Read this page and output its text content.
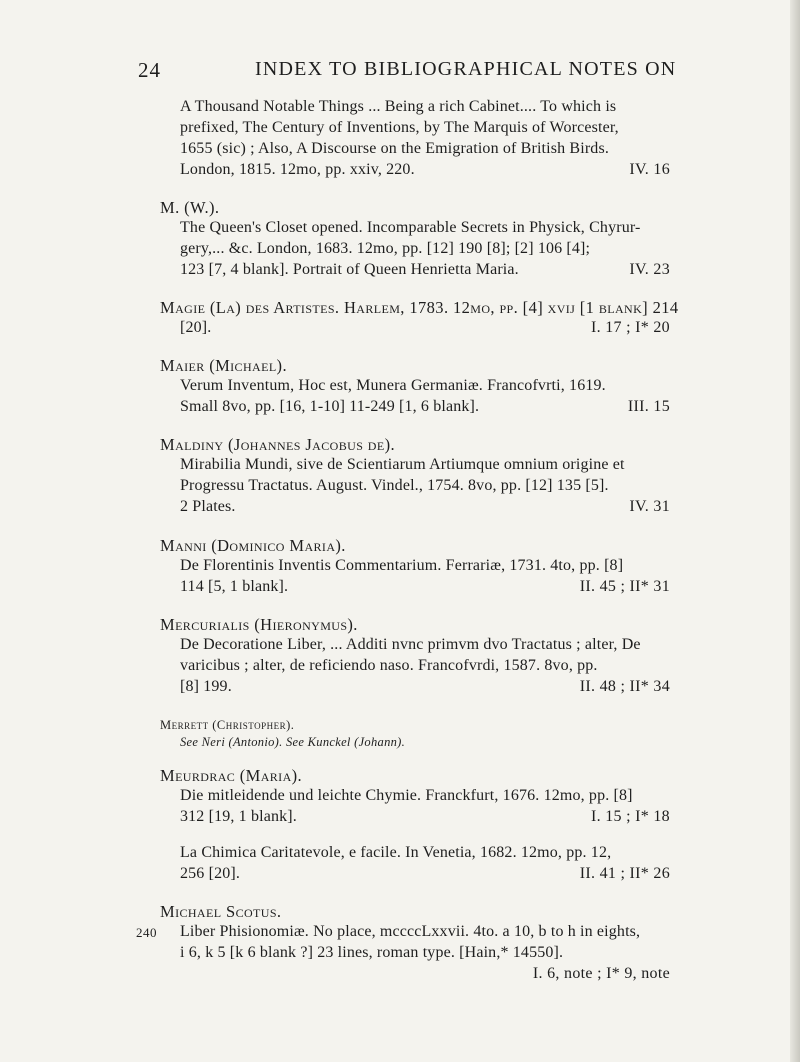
24	INDEX TO BIBLIOGRAPHICAL NOTES ON
A Thousand Notable Things ... Being a rich Cabinet.... To which is
prefixed, The Century of Inventions, by The Marquis of Worcester,
1655 (sic) ; Also, A Discourse on the Emigration of British Birds.
London, 1815. 12mo, pp. xxiv, 220.	IV. 16
M. (W.).
The Queen's Closet opened. Incomparable Secrets in Physick, Chyrur-
gery,... &c. London, 1683. 12mo, pp. [12] 190 [8]; [2] 106 [4];
123 [7, 4 blank]. Portrait of Queen Henrietta Maria.	IV. 23
Magie (La) des Artistes. Harlem, 1783. 12mo, pp. [4] xvij [1 blank] 214
[20].	I. 17 ; I* 20
Maier (Michael).
Verum Inventum, Hoc est, Munera Germaniæ. Francofvrti, 1619.
Small 8vo, pp. [16, 1-10] 11-249 [1, 6 blank].	III. 15
Maldiny (Johannes Jacobus de).
Mirabilia Mundi, sive de Scientiarum Artiumque omnium origine et
Progressu Tractatus. August. Vindel., 1754. 8vo, pp. [12] 135 [5].
2 Plates.	IV. 31
Manni (Dominico Maria).
De Florentinis Inventis Commentarium. Ferrariæ, 1731. 4to, pp. [8]
114 [5, 1 blank].	II. 45 ; II* 31
Mercurialis (Hieronymus).
De Decoratione Liber, ... Additi nvnc primvm dvo Tractatus ; alter, De
varicibus ; alter, de reficiendo naso. Francofvrdi, 1587. 8vo, pp.
[8] 199.	II. 48 ; II* 34
Merrett (Christopher).
See Neri (Antonio). See Kunckel (Johann).
Meurdrac (Maria).
Die mitleidende und leichte Chymie. Franckfurt, 1676. 12mo, pp. [8]
312 [19, 1 blank].	I. 15 ; I* 18
La Chimica Caritatevole, e facile. In Venetia, 1682. 12mo, pp. 12,
256 [20].	II. 41 ; II* 26
Michael Scotus.
240 Liber Phisionomiæ. No place, mccccLxxvii. 4to. a 10, b to h in eights,
i 6, k 5 [k 6 blank ?] 23 lines, roman type. [Hain,* 14550].
I. 6, note ; I* 9, note
